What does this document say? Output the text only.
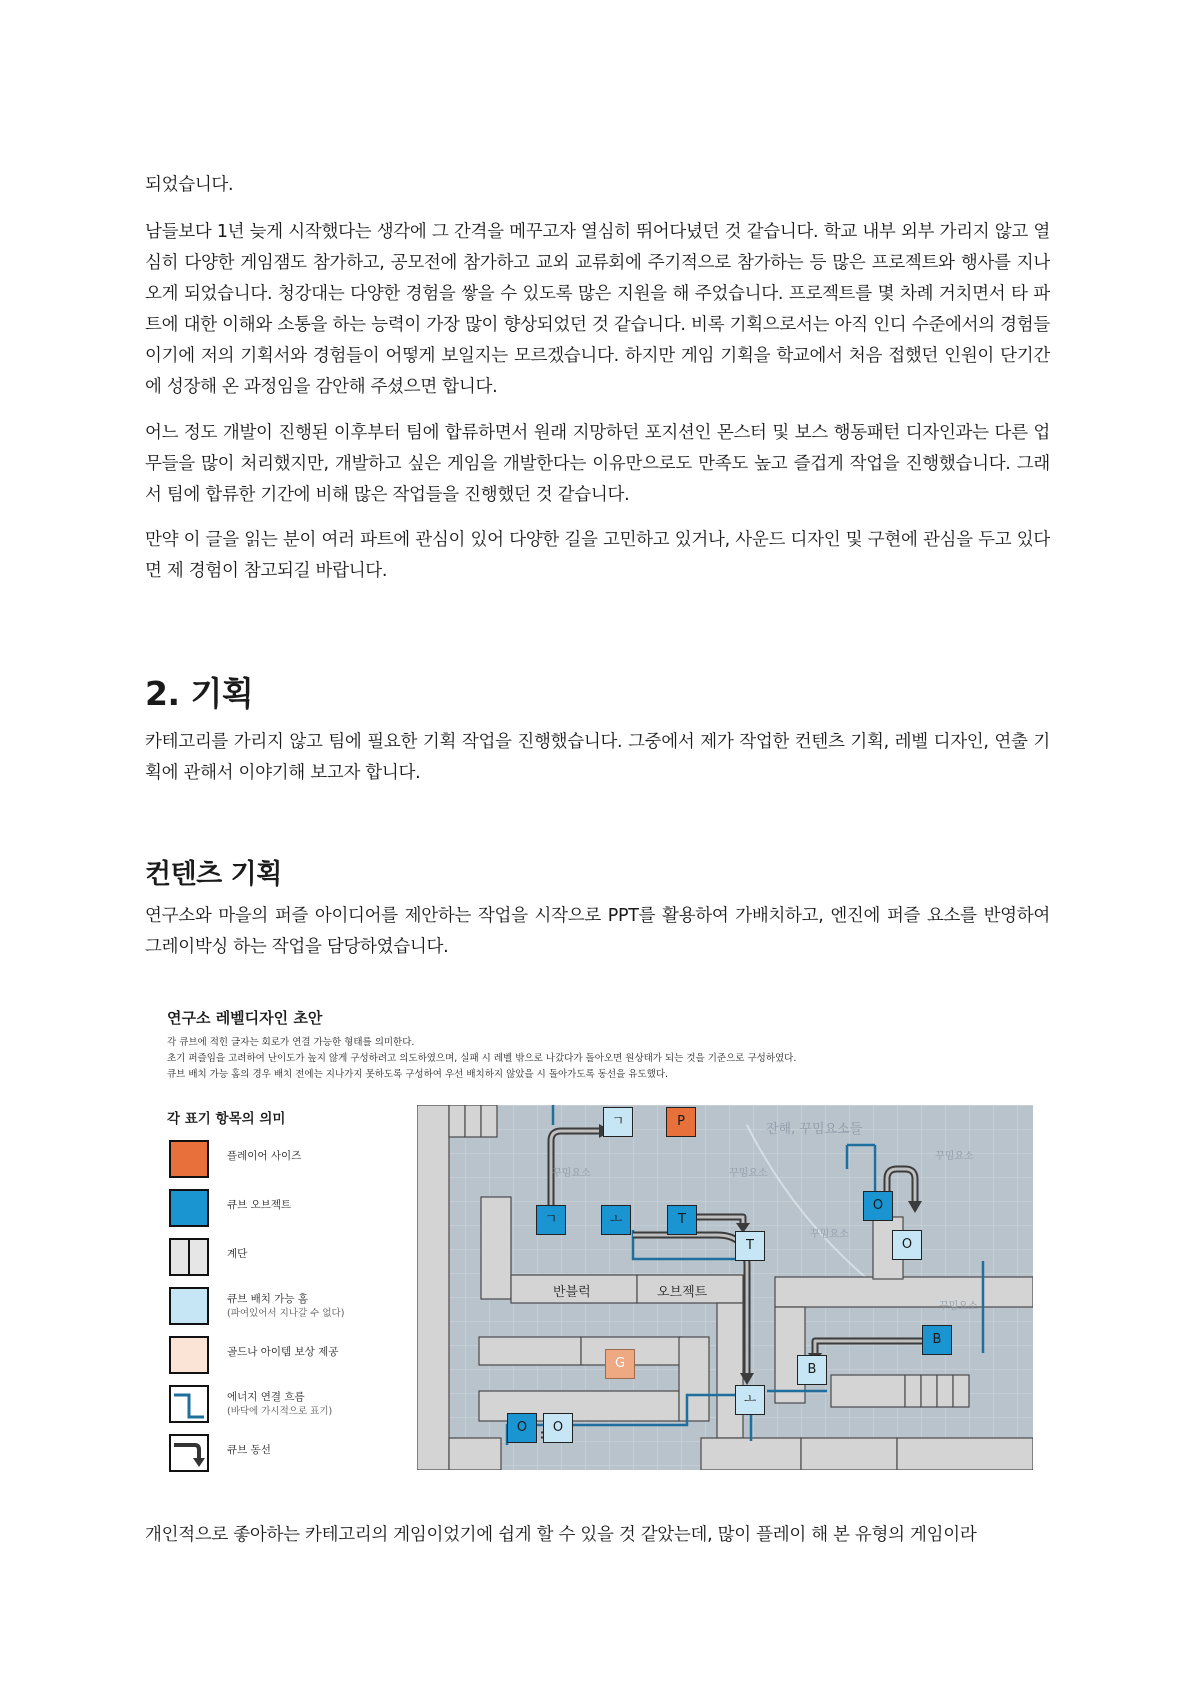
되었습니다.

남들보다 1년 늦게 시작했다는 생각에 그 간격을 메꾸고자 열심히 뛰어다녔던 것 같습니다. 학교 내부 외부 가리지 않고 열심히 다양한 게임잼도 참가하고, 공모전에 참가하고 교외 교류회에 주기적으로 참가하는 등 많은 프로젝트와 행사를 지나오게 되었습니다. 청강대는 다양한 경험을 쌓을 수 있도록 많은 지원을 해 주었습니다. 프로젝트를 몇 차례 거치면서 타 파트에 대한 이해와 소통을 하는 능력이 가장 많이 향상되었던 것 같습니다. 비록 기획으로서는 아직 인디 수준에서의 경험들이기에 저의 기획서와 경험들이 어떻게 보일지는 모르겠습니다. 하지만 게임 기획을 학교에서 처음 접했던 인원이 단기간에 성장해 온 과정임을 감안해 주셨으면 합니다.

어느 정도 개발이 진행된 이후부터 팀에 합류하면서 원래 지망하던 포지션인 몬스터 및 보스 행동패턴 디자인과는 다른 업무들을 많이 처리했지만, 개발하고 싶은 게임을 개발한다는 이유만으로도 만족도 높고 즐겁게 작업을 진행했습니다. 그래서 팀에 합류한 기간에 비해 많은 작업들을 진행했던 것 같습니다.

만약 이 글을 읽는 분이 여러 파트에 관심이 있어 다양한 길을 고민하고 있거나, 사운드 디자인 및 구현에 관심을 두고 있다면 제 경험이 참고되길 바랍니다.

2. 기획

카테고리를 가리지 않고 팀에 필요한 기획 작업을 진행했습니다. 그중에서 제가 작업한 컨텐츠 기획, 레벨 디자인, 연출 기획에 관해서 이야기해 보고자 합니다.

컨텐츠 기획

연구소와 마을의 퍼즐 아이디어를 제안하는 작업을 시작으로 PPT를 활용하여 가배치하고, 엔진에 퍼즐 요소를 반영하여 그레이박싱 하는 작업을 담당하였습니다.

연구소 레벨디자인 초안
각 큐브에 적힌 글자는 회로가 연결 가능한 형태를 의미한다.
초기 퍼즐임을 고려하여 난이도가 높지 않게 구성하려고 의도하였으며, 실패 시 레벨 밖으로 나갔다가 돌아오면 원상태가 되는 것을 기준으로 구성하였다.
큐브 배치 가능 홈의 경우 배치 전에는 지나가지 못하도록 구성하여 우선 배치하지 않았을 시 돌아가도록 동선을 유도했다.
각 표기 항목의 의미
플레이어 사이즈
큐브 오브젝트
계단
큐브 배치 가능 홈
(파여있어서 지나갈 수 없다)
골드나 아이템 보상 제공
에너지 연결 흐름
(바닥에 가시적으로 표기)
큐브 동선
잔해, 꾸밈요소들
꾸밈요소	꾸밈요소
꾸밈요소
꾸밈요소
꾸밈요소
반블럭	오브젝트
P
ㄱ
ㄱ	ㅗ	T
T
O
O
B
B
G
ㅗ
O	O

개인적으로 좋아하는 카테고리의 게임이었기에 쉽게 할 수 있을 것 같았는데, 많이 플레이 해 본 유형의 게임이라
